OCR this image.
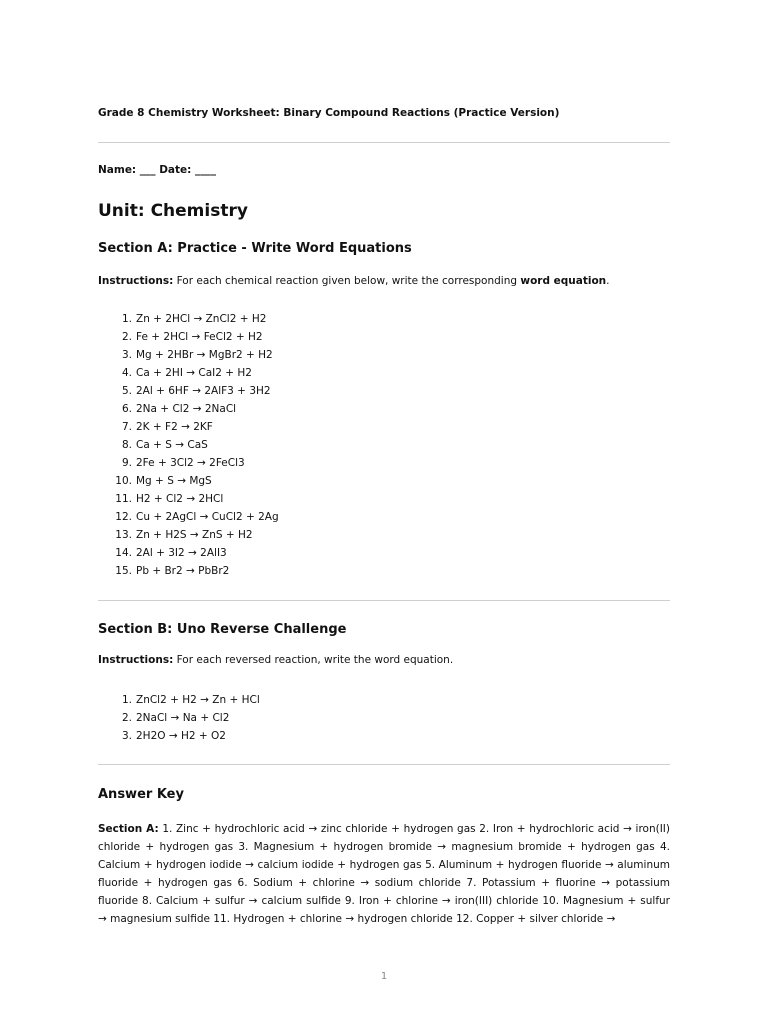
Grade 8 Chemistry Worksheet: Binary Compound Reactions (Practice Version)
Name: ___ Date: ____
Unit: Chemistry
Section A: Practice - Write Word Equations
Instructions: For each chemical reaction given below, write the corresponding word equation.
1. Zn + 2HCl → ZnCl2 + H2
2. Fe + 2HCl → FeCl2 + H2
3. Mg + 2HBr → MgBr2 + H2
4. Ca + 2HI → CaI2 + H2
5. 2Al + 6HF → 2AlF3 + 3H2
6. 2Na + Cl2 → 2NaCl
7. 2K + F2 → 2KF
8. Ca + S → CaS
9. 2Fe + 3Cl2 → 2FeCl3
10. Mg + S → MgS
11. H2 + Cl2 → 2HCl
12. Cu + 2AgCl → CuCl2 + 2Ag
13. Zn + H2S → ZnS + H2
14. 2Al + 3I2 → 2AlI3
15. Pb + Br2 → PbBr2
Section B: Uno Reverse Challenge
Instructions: For each reversed reaction, write the word equation.
1. ZnCl2 + H2 → Zn + HCl
2. 2NaCl → Na + Cl2
3. 2H2O → H2 + O2
Answer Key
Section A: 1. Zinc + hydrochloric acid → zinc chloride + hydrogen gas 2. Iron + hydrochloric acid → iron(II) chloride + hydrogen gas 3. Magnesium + hydrogen bromide → magnesium bromide + hydrogen gas 4. Calcium + hydrogen iodide → calcium iodide + hydrogen gas 5. Aluminum + hydrogen fluoride → aluminum fluoride + hydrogen gas 6. Sodium + chlorine → sodium chloride 7. Potassium + fluorine → potassium fluoride 8. Calcium + sulfur → calcium sulfide 9. Iron + chlorine → iron(III) chloride 10. Magnesium + sulfur → magnesium sulfide 11. Hydrogen + chlorine → hydrogen chloride 12. Copper + silver chloride →
1
